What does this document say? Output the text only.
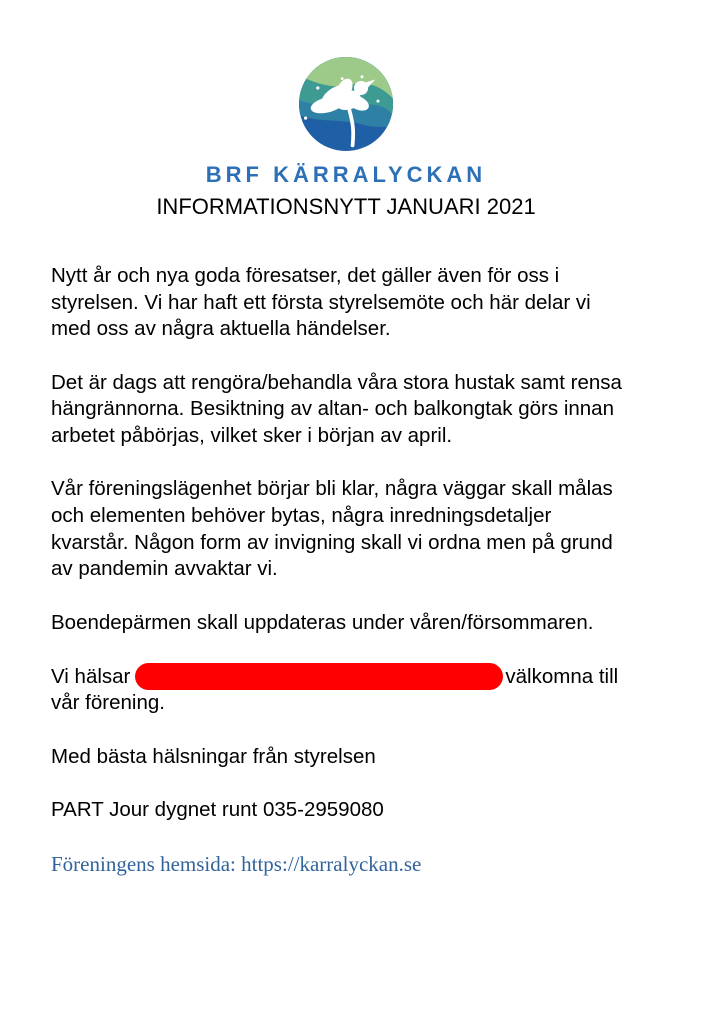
BRF KÄRRALYCKAN
INFORMATIONSNYTT JANUARI 2021

Nytt år och nya goda föresatser, det gäller även för oss i
styrelsen. Vi har haft ett första styrelsemöte och här delar vi
med oss av några aktuella händelser.

Det är dags att rengöra/behandla våra stora hustak samt rensa
hängrännorna. Besiktning av altan- och balkongtak görs innan
arbetet påbörjas, vilket sker i början av april.

Vår föreningslägenhet börjar bli klar, några väggar skall målas
och elementen behöver bytas, några inredningsdetaljer
kvarstår. Någon form av invigning skall vi ordna men på grund
av pandemin avvaktar vi.

Boendepärmen skall uppdateras under våren/försommaren.

Vi hälsar	välkomna till
vår förening.

Med bästa hälsningar från styrelsen

PART Jour dygnet runt 035-2959080

Föreningens hemsida: https://karralyckan.se
